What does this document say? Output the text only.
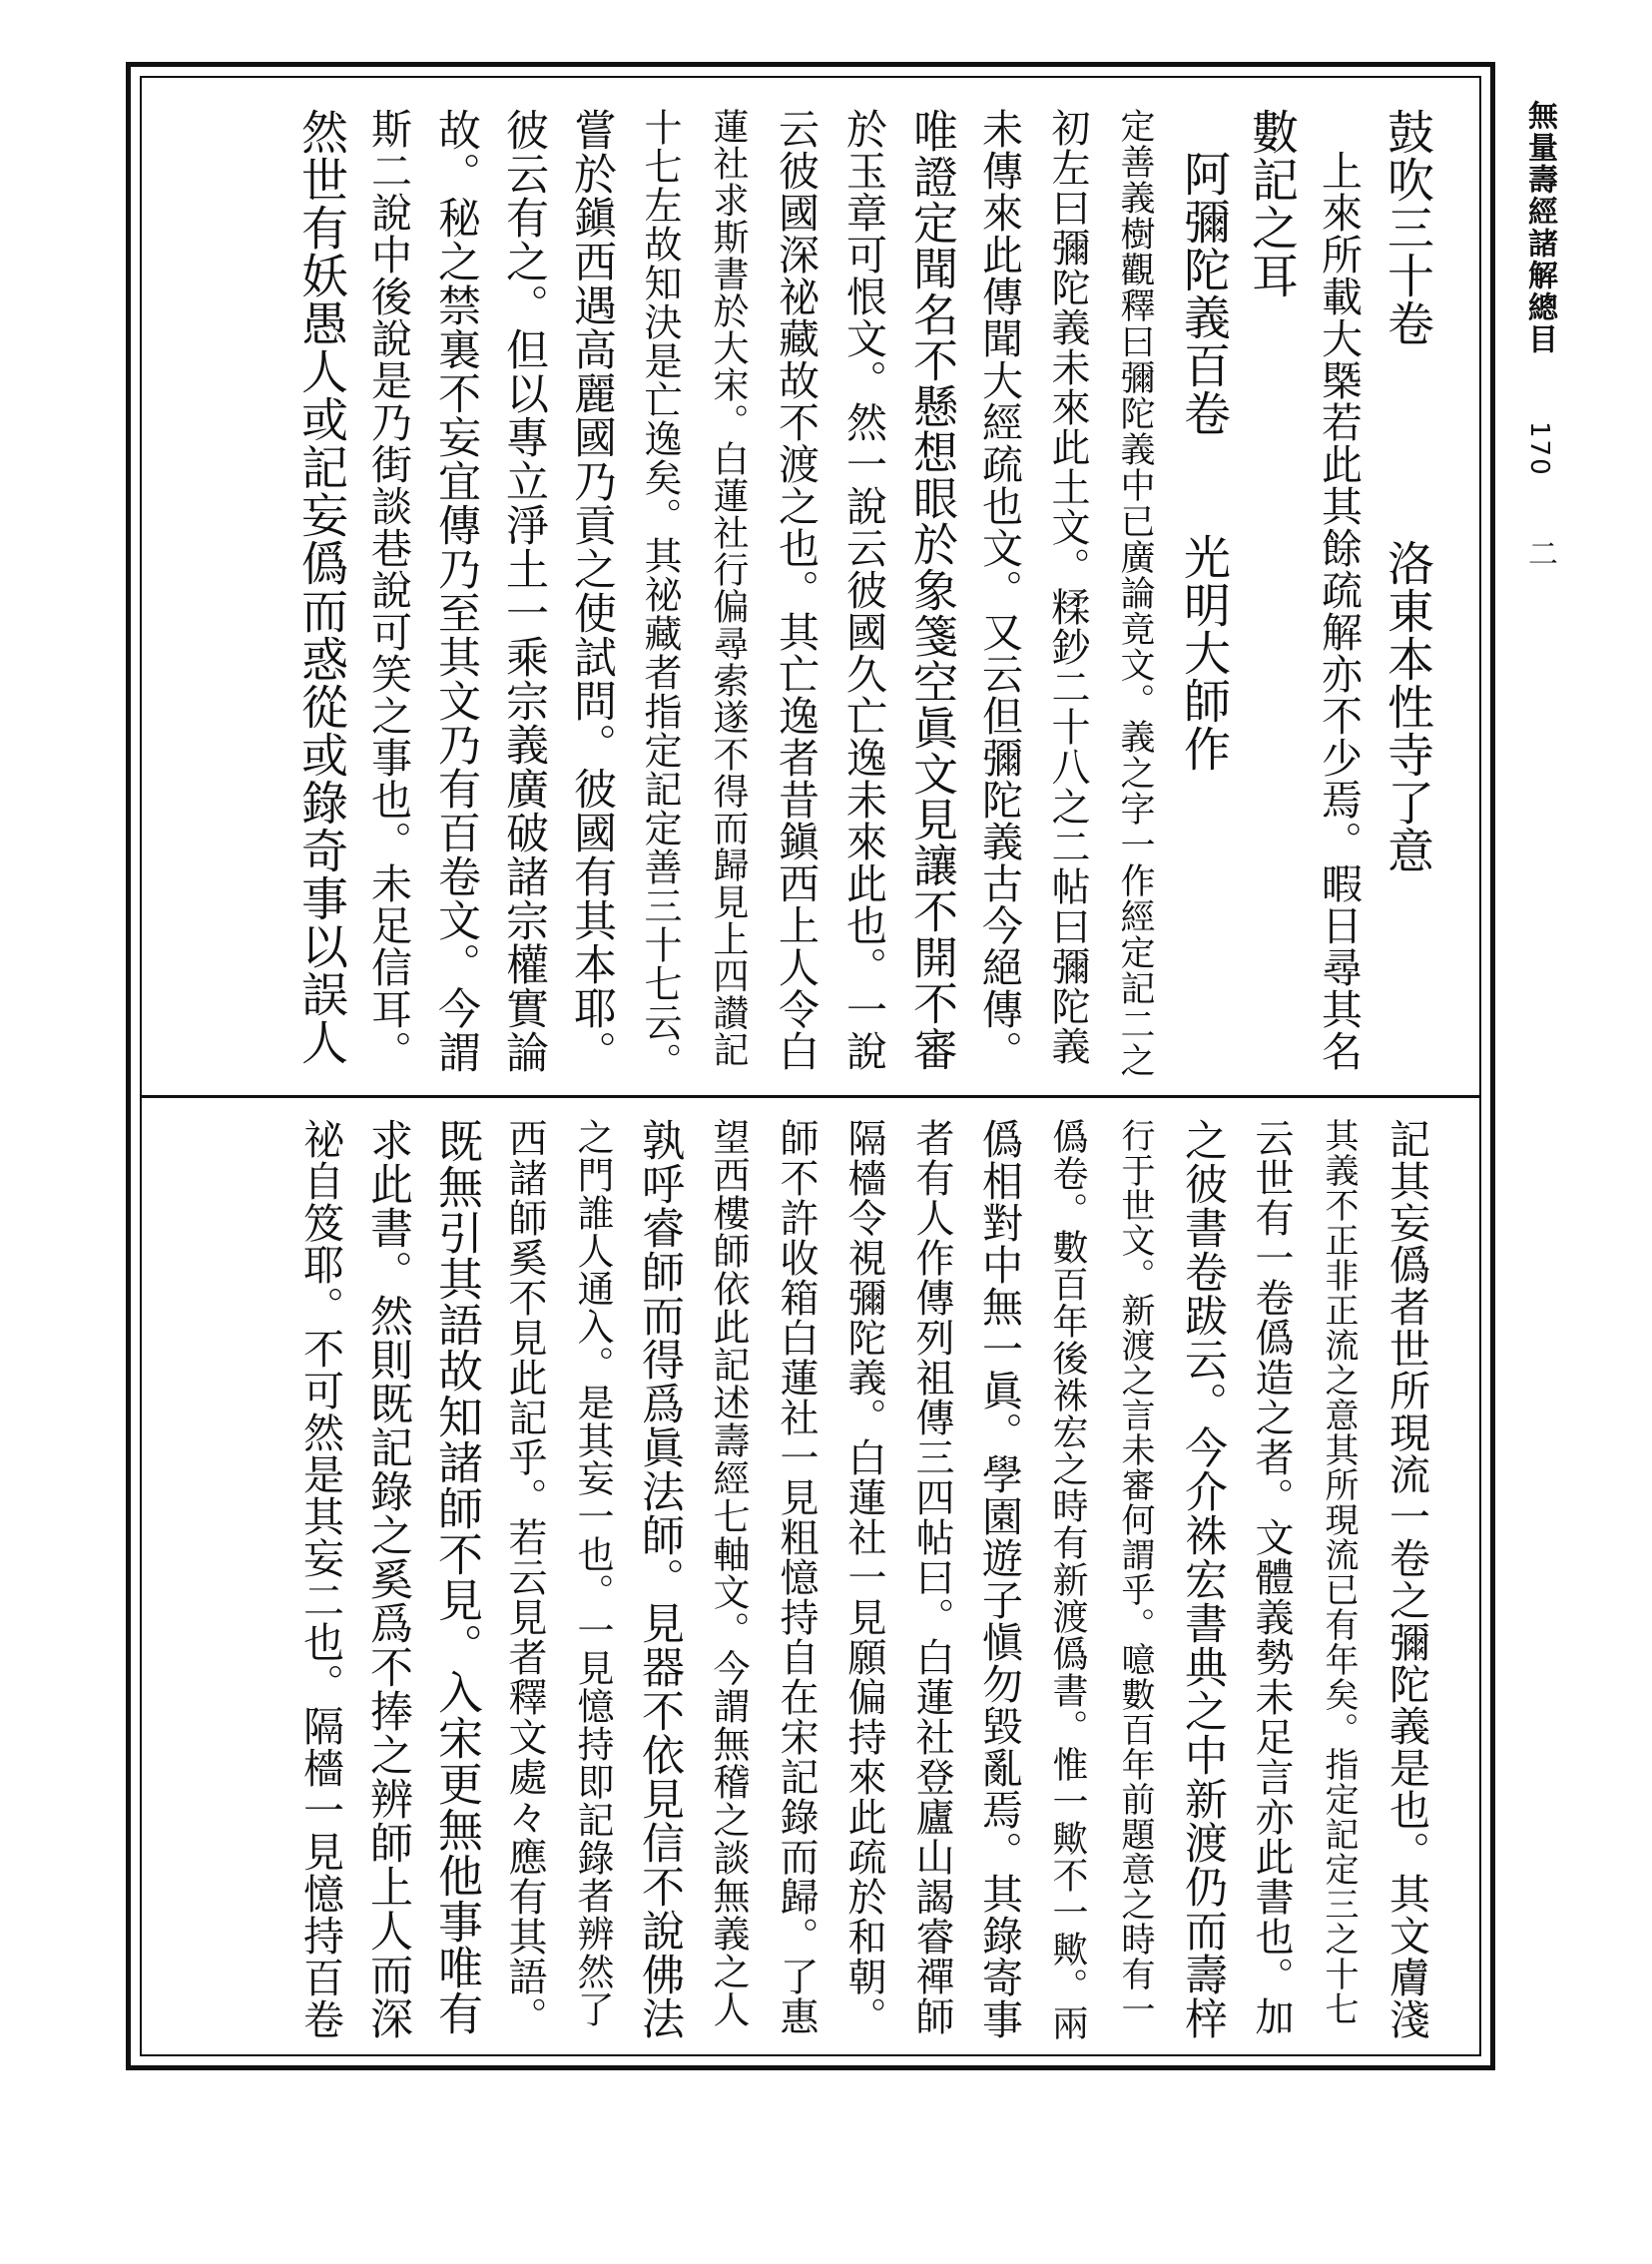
無量壽經諸解總目 170 二
鼓吹三十卷　　　　洛東本性寺了意
上來所載大槩若此其餘疏解亦不少焉。暇日尋其名
數記之耳
阿彌陀義百卷　　光明大師作
定善義樹觀釋曰彌陀義中已廣論竟文。義之字一作經定記二之
初左曰彌陀義未來此土文。糅鈔二十八之二帖曰彌陀義
未傳來此傳聞大經疏也文。又云但彌陀義古今絕傳。
唯證定聞名不懸想眼於象箋空眞文見讓不開不審
於玉章可恨文。然一說云彼國久亡逸未來此也。一說
云彼國深祕藏故不渡之也。其亡逸者昔鎭西上人令白
蓮社求斯書於大宋。白蓮社行偏尋索遂不得而歸見上四讃記
十七左故知決是亡逸矣。其祕藏者指定記定善三十七云。
嘗於鎭西遇高麗國乃貢之使試問。彼國有其本耶。
彼云有之。但以專立淨土一乘宗義廣破諸宗權實論
故。秘之禁裏不妄宜傳乃至其文乃有百卷文。今謂
斯二說中後說是乃街談巷說可笑之事也。未足信耳。
然世有妖愚人或記妄僞而惑從或錄奇事以誤人
記其妄僞者世所現流一卷之彌陀義是也。其文膚淺
其義不正非正流之意其所現流已有年矣。指定記定三之十七
云世有一卷僞造之者。文體義勢未足言亦此書也。加
之彼書卷跋云。今介袾宏書典之中新渡仍而壽梓
行于世文。新渡之言未審何謂乎。噫數百年前題意之時有一
僞卷。數百年後袾宏之時有新渡僞書。惟一歟不一歟。兩
僞相對中無一眞。學園遊子愼勿毀亂焉。其錄寄事
者有人作傳列祖傳三四帖曰。白蓮社登廬山謁睿禪師
隔檣令視彌陀義。白蓮社一見願偏持來此疏於和朝。
師不許收箱白蓮社一見粗憶持自在宋記錄而歸。了惠
望西樓師依此記述壽經七軸文。今謂無稽之談無義之人
孰呼睿師而得爲眞法師。見器不依見信不說佛法
之門誰人通入。是其妄一也。一見憶持即記錄者辨然了
西諸師奚不見此記乎。若云見者釋文處々應有其語。
既無引其語故知諸師不見。入宋更無他事唯有
求此書。然則既記錄之奚爲不捧之辨師上人而深
祕自笈耶。不可然是其妄二也。隔檣一見憶持百卷
